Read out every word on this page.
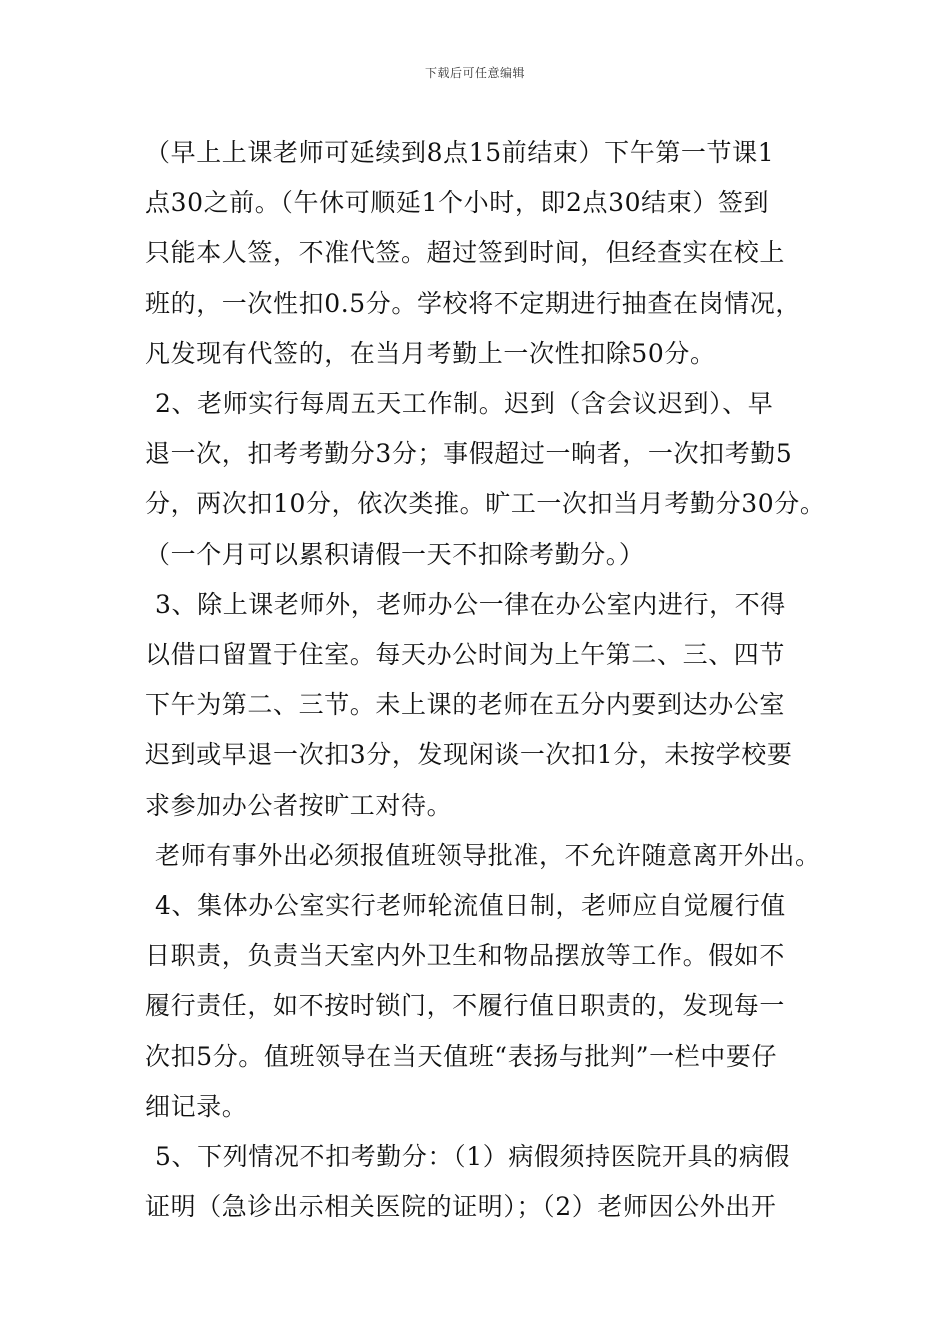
下载后可任意编辑
（早上上课老师可延续到8点15前结束）下午第一节课1
点30之前。（午休可顺延1个小时，即2点30结束）签到
只能本人签，不准代签。超过签到时间，但经查实在校上
班的，一次性扣0.5分。学校将不定期进行抽查在岗情况，
凡发现有代签的，在当月考勤上一次性扣除50分。
2、老师实行每周五天工作制。迟到（含会议迟到）、早
退一次，扣考考勤分3分；事假超过一晌者，一次扣考勤5
分，两次扣10分，依次类推。旷工一次扣当月考勤分30分。
（一个月可以累积请假一天不扣除考勤分。）
3、除上课老师外，老师办公一律在办公室内进行，不得
以借口留置于住室。每天办公时间为上午第二、三、四节
下午为第二、三节。未上课的老师在五分内要到达办公室
迟到或早退一次扣3分，发现闲谈一次扣1分，未按学校要
求参加办公者按旷工对待。
老师有事外出必须报值班领导批准，不允许随意离开外出。
4、集体办公室实行老师轮流值日制，老师应自觉履行值
日职责，负责当天室内外卫生和物品摆放等工作。假如不
履行责任，如不按时锁门，不履行值日职责的，发现每一
次扣5分。值班领导在当天值班“表扬与批判”一栏中要仔
细记录。
5、下列情况不扣考勤分：（1）病假须持医院开具的病假
证明（急诊出示相关医院的证明）；（2）老师因公外出开
